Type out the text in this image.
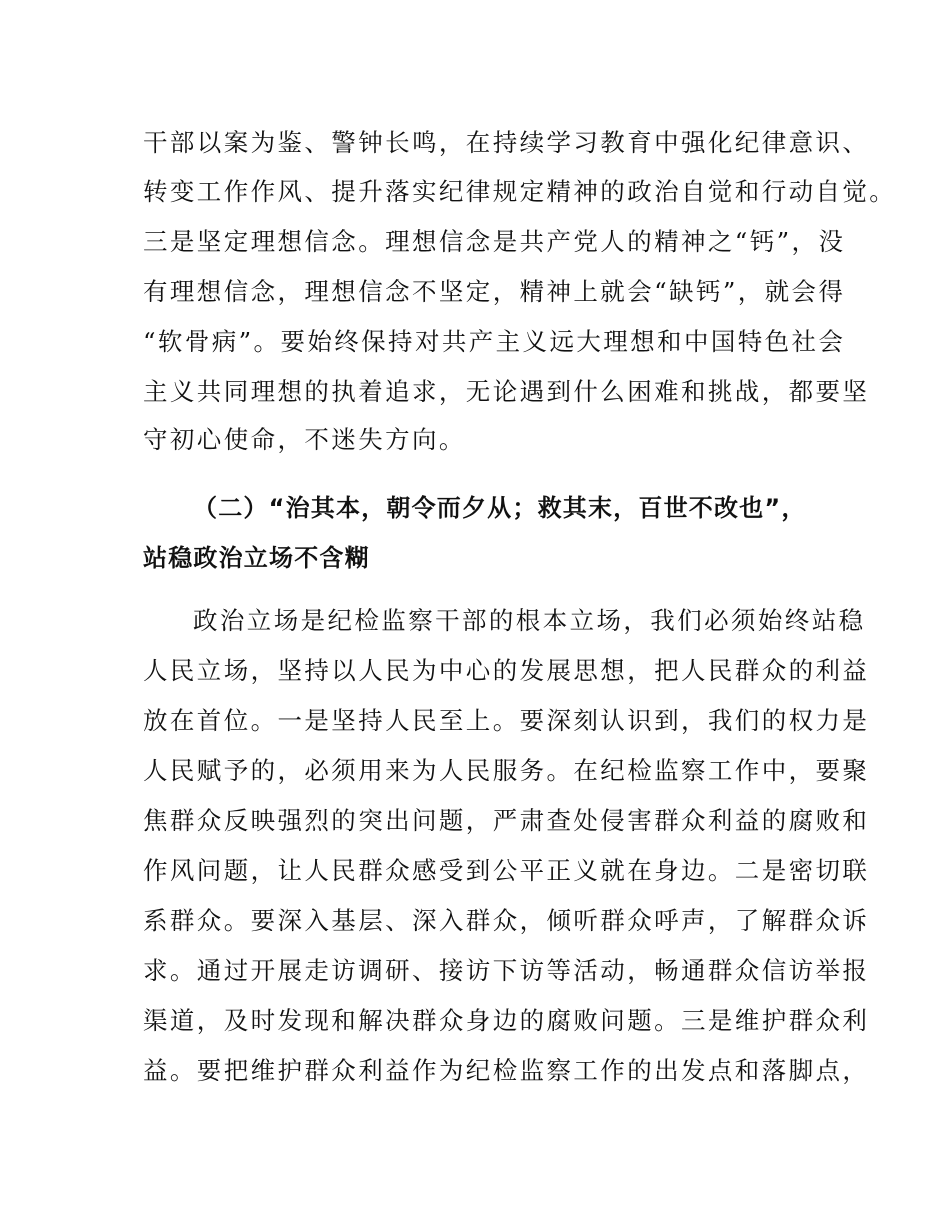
干部以案为鉴、警钟长鸣，在持续学习教育中强化纪律意识、
转变工作作风、提升落实纪律规定精神的政治自觉和行动自觉。
三是坚定理想信念。理想信念是共产党人的精神之“钙”，没
有理想信念，理想信念不坚定，精神上就会“缺钙”，就会得
“软骨病”。要始终保持对共产主义远大理想和中国特色社会
主义共同理想的执着追求，无论遇到什么困难和挑战，都要坚
守初心使命，不迷失方向。
（二）“治其本，朝令而夕从；救其末，百世不改也”，
站稳政治立场不含糊
政治立场是纪检监察干部的根本立场，我们必须始终站稳
人民立场，坚持以人民为中心的发展思想，把人民群众的利益
放在首位。一是坚持人民至上。要深刻认识到，我们的权力是
人民赋予的，必须用来为人民服务。在纪检监察工作中，要聚
焦群众反映强烈的突出问题，严肃查处侵害群众利益的腐败和
作风问题，让人民群众感受到公平正义就在身边。二是密切联
系群众。要深入基层、深入群众，倾听群众呼声，了解群众诉
求。通过开展走访调研、接访下访等活动，畅通群众信访举报
渠道，及时发现和解决群众身边的腐败问题。三是维护群众利
益。要把维护群众利益作为纪检监察工作的出发点和落脚点，
